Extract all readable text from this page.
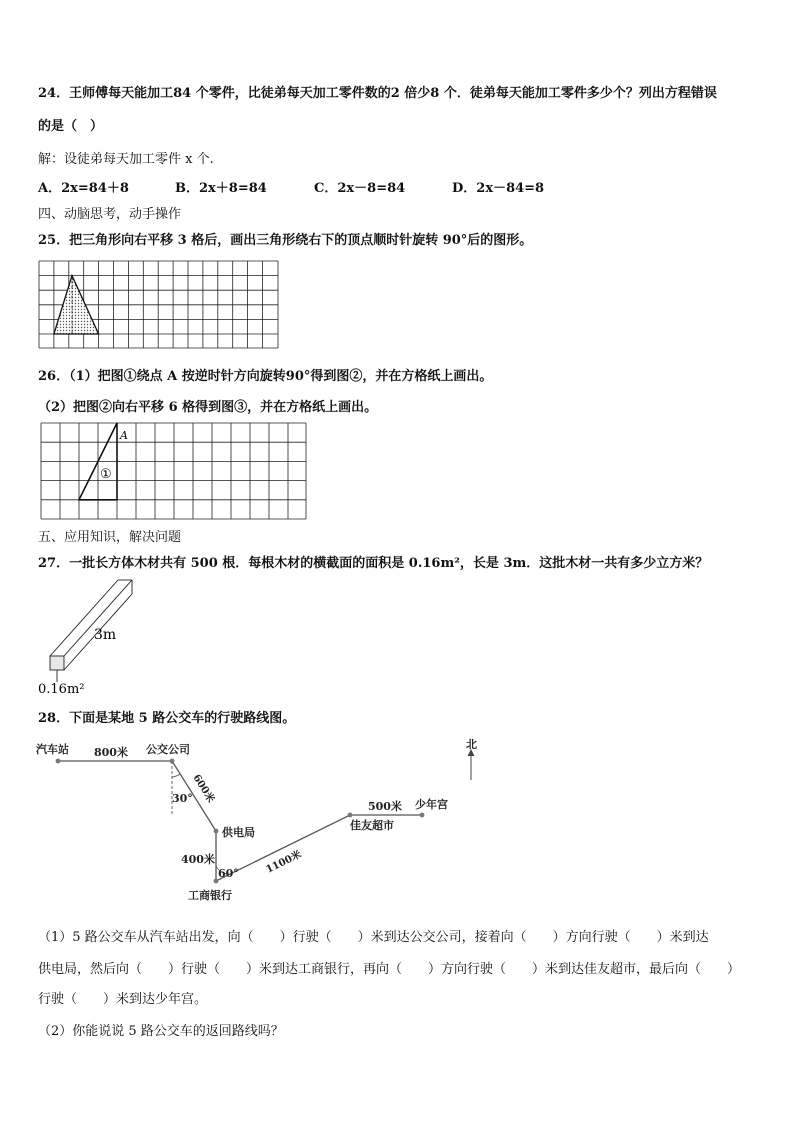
24．王师傅每天能加工84 个零件，比徒弟每天加工零件数的2 倍少8 个．徒弟每天能加工零件多少个？列出方程错误
的是（　）
解：设徒弟每天加工零件 x 个.
A．2x=84＋8	B．2x＋8=84	C．2x－8=84	D．2x－84=8
四、动脑思考，动手操作
25．把三角形向右平移 3 格后，画出三角形绕右下的顶点顺时针旋转 90°后的图形。
26．（1）把图①绕点 A 按逆时针方向旋转90°得到图②，并在方格纸上画出。
（2）把图②向右平移 6 格得到图③，并在方格纸上画出。
A
①
五、应用知识，解决问题
27．一批长方体木材共有 500 根．每根木材的横截面的面积是 0.16m²，长是 3m．这批木材一共有多少立方米？
3m
0.16m²
28．下面是某地 5 路公交车的行驶路线图。
汽车站 800米 公交公司
600米
30°
供电局
400米
60°
工商银行
1100米
佳友超市
500米 少年宫
北
（1）5 路公交车从汽车站出发，向（　　）行驶（　　）米到达公交公司，接着向（　　）方向行驶（　　）米到达
供电局，然后向（　　）行驶（　　）米到达工商银行，再向（　　）方向行驶（　　）米到达佳友超市，最后向（　　）
行驶（　　）米到达少年宫。
（2）你能说说 5 路公交车的返回路线吗？
